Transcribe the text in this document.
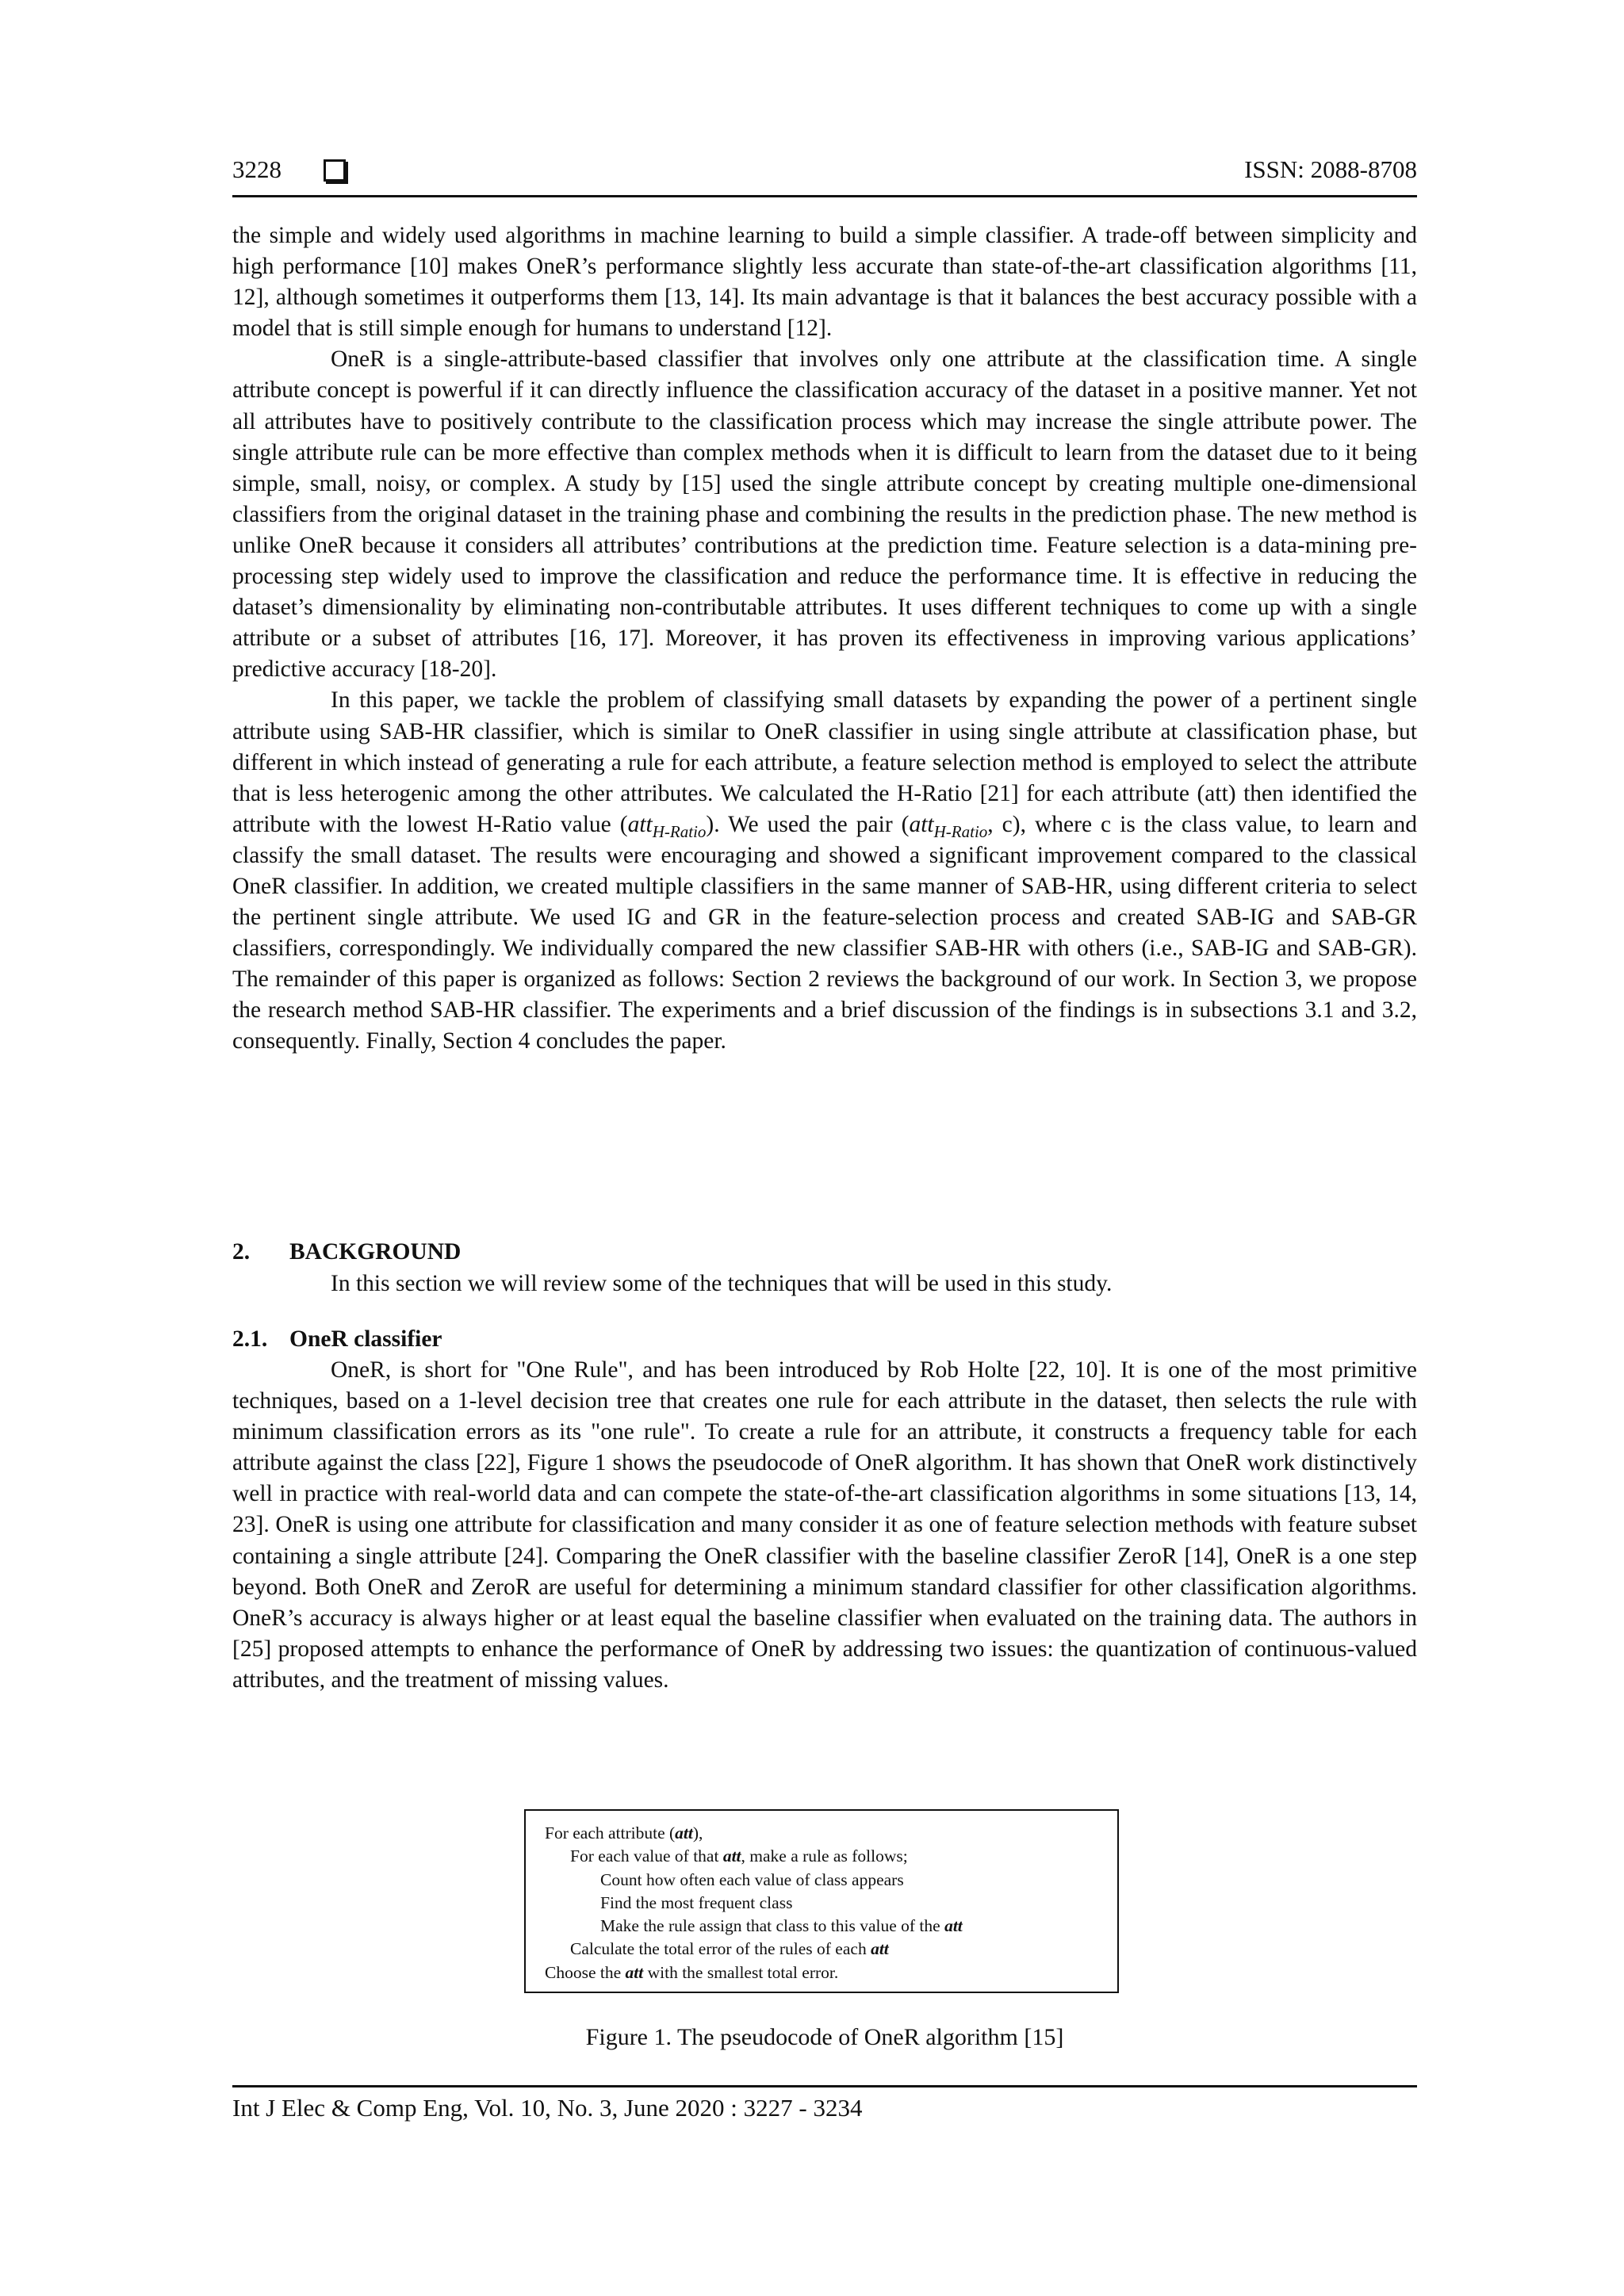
3228	ISSN: 2088-8708

the simple and widely used algorithms in machine learning to build a simple classifier. A trade-off between simplicity and high performance [10] makes OneR’s performance slightly less accurate than state-of-the-art classification algorithms [11, 12], although sometimes it outperforms them [13, 14]. Its main advantage is that it balances the best accuracy possible with a model that is still simple enough for humans to understand [12].

OneR is a single-attribute-based classifier that involves only one attribute at the classification time. A single attribute concept is powerful if it can directly influence the classification accuracy of the dataset in a positive manner. Yet not all attributes have to positively contribute to the classification process which may increase the single attribute power. The single attribute rule can be more effective than complex methods when it is difficult to learn from the dataset due to it being simple, small, noisy, or complex. A study by [15] used the single attribute concept by creating multiple one-dimensional classifiers from the original dataset in the training phase and combining the results in the prediction phase. The new method is unlike OneR because it considers all attributes’ contributions at the prediction time. Feature selection is a data-mining pre-processing step widely used to improve the classification and reduce the performance time. It is effective in reducing the dataset’s dimensionality by eliminating non-contributable attributes. It uses different techniques to come up with a single attribute or a subset of attributes [16, 17]. Moreover, it has proven its effectiveness in improving various applications’ predictive accuracy [18-20].

In this paper, we tackle the problem of classifying small datasets by expanding the power of a pertinent single attribute using SAB-HR classifier, which is similar to OneR classifier in using single attribute at classification phase, but different in which instead of generating a rule for each attribute, a feature selection method is employed to select the attribute that is less heterogenic among the other attributes. We calculated the H-Ratio [21] for each attribute (att) then identified the attribute with the lowest H-Ratio value (att$_{H-Ratio}$). We used the pair (att$_{H-Ratio}$, c), where c is the class value, to learn and classify the small dataset. The results were encouraging and showed a significant improvement compared to the classical OneR classifier. In addition, we created multiple classifiers in the same manner of SAB-HR, using different criteria to select the pertinent single attribute. We used IG and GR in the feature-selection process and created SAB-IG and SAB-GR classifiers, correspondingly. We individually compared the new classifier SAB-HR with others (i.e., SAB-IG and SAB-GR). The remainder of this paper is organized as follows: Section 2 reviews the background of our work. In Section 3, we propose the research method SAB-HR classifier. The experiments and a brief discussion of the findings is in subsections 3.1 and 3.2, consequently. Finally, Section 4 concludes the paper.

2. BACKGROUND
In this section we will review some of the techniques that will be used in this study.
2.1. OneR classifier

OneR, is short for "One Rule", and has been introduced by Rob Holte [22, 10]. It is one of the most primitive techniques, based on a 1-level decision tree that creates one rule for each attribute in the dataset, then selects the rule with minimum classification errors as its "one rule". To create a rule for an attribute, it constructs a frequency table for each attribute against the class [22], Figure 1 shows the pseudocode of OneR algorithm. It has shown that OneR work distinctively well in practice with real-world data and can compete the state-of-the-art classification algorithms in some situations [13, 14, 23]. OneR is using one attribute for classification and many consider it as one of feature selection methods with feature subset containing a single attribute [24]. Comparing the OneR classifier with the baseline classifier ZeroR [14], OneR is a one step beyond. Both OneR and ZeroR are useful for determining a minimum standard classifier for other classification algorithms. OneR’s accuracy is always higher or at least equal the baseline classifier when evaluated on the training data. The authors in [25] proposed attempts to enhance the performance of OneR by addressing two issues: the quantization of continuous-valued attributes, and the treatment of missing values.

For each attribute (att),
For each value of that att, make a rule as follows;
Count how often each value of class appears
Find the most frequent class
Make the rule assign that class to this value of the att
Calculate the total error of the rules of each att
Choose the att with the smallest total error.
Figure 1. The pseudocode of OneR algorithm [15]
Int J Elec & Comp Eng, Vol. 10, No. 3, June 2020 : 3227 - 3234
